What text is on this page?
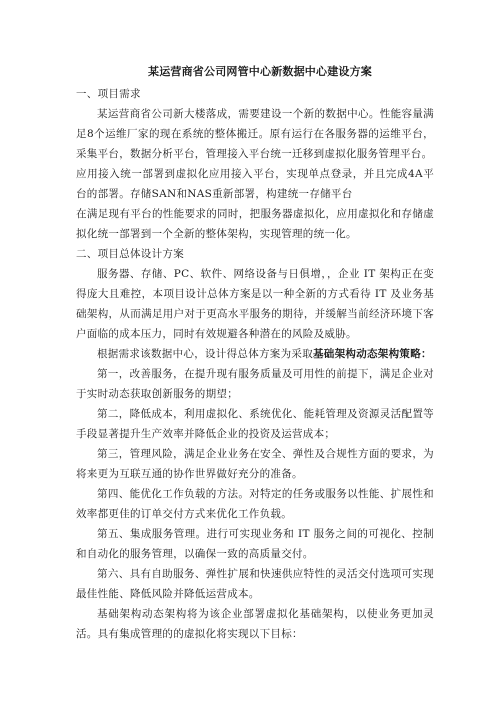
某运营商省公司网管中心新数据中心建设方案
一、项目需求

某运营商省公司新大楼落成，需要建设一个新的数据中心。性能容量满足8个运维厂家的现在系统的整体搬迁。原有运行在各服务器的运维平台，采集平台，数据分析平台，管理接入平台统一迁移到虚拟化服务管理平台。

应用接入统一部署到虚拟化应用接入平台，实现单点登录，并且完成4A平台的部署。存储SAN和NAS重新部署，构建统一存储平台

在满足现有平台的性能要求的同时，把服务器虚拟化，应用虚拟化和存储虚拟化统一部署到一个全新的整体架构，实现管理的统一化。

二、项目总体设计方案

服务器、存储、PC、软件、网络设备与日俱增，，企业 IT 架构正在变得庞大且难控，本项目设计总体方案是以一种全新的方式看待 IT 及业务基础架构，从而满足用户对于更高水平服务的期待，并缓解当前经济环境下客户面临的成本压力，同时有效规避各种潜在的风险及威胁。

根据需求该数据中心，设计得总体方案为采取基础架构动态架构策略：

第一，改善服务，在提升现有服务质量及可用性的前提下，满足企业对于实时动态获取创新服务的期望；

第二，降低成本，利用虚拟化、系统优化、能耗管理及资源灵活配置等手段显著提升生产效率并降低企业的投资及运营成本；

第三，管理风险，满足企业业务在安全、弹性及合规性方面的要求，为将来更为互联互通的协作世界做好充分的准备。

第四、能优化工作负载的方法。对特定的任务或服务以性能、扩展性和效率都更佳的订单交付方式来优化工作负载。

第五、集成服务管理。进行可实现业务和 IT 服务之间的可视化、控制和自动化的服务管理，以确保一致的高质量交付。

第六、具有自助服务、弹性扩展和快速供应特性的灵活交付选项可实现最佳性能、降低风险并降低运营成本。

基础架构动态架构将为该企业部署虚拟化基础架构，以使业务更加灵活。具有集成管理的的虚拟化将实现以下目标：
